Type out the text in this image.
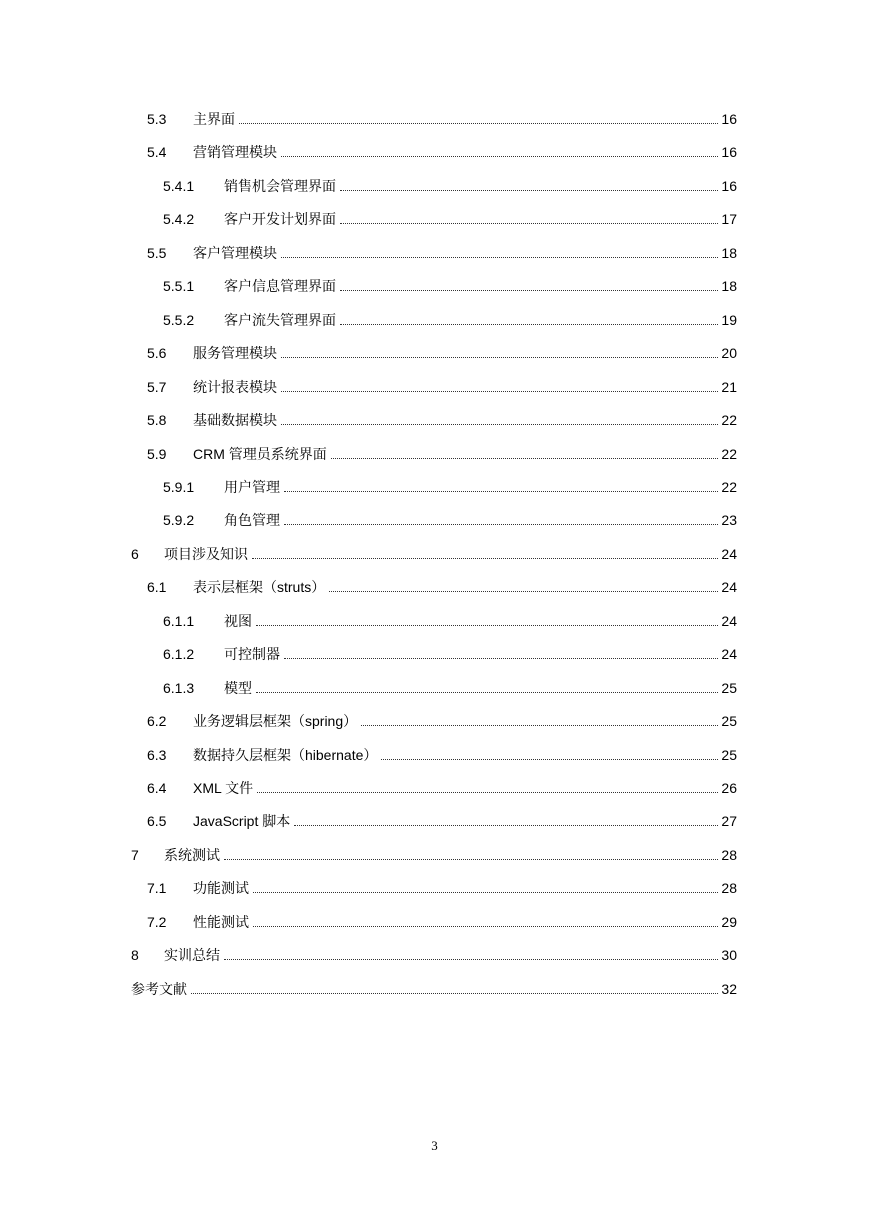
5.3 主界面	16
5.4 营销管理模块	16
5.4.1 销售机会管理界面	16
5.4.2 客户开发计划界面	17
5.5 客户管理模块	18
5.5.1 客户信息管理界面	18
5.5.2 客户流失管理界面	19
5.6 服务管理模块	20
5.7 统计报表模块	21
5.8 基础数据模块	22
5.9 CRM 管理员系统界面	22
5.9.1 用户管理	22
5.9.2 角色管理	23
6 项目涉及知识	24
6.1 表示层框架（struts）	24
6.1.1 视图	24
6.1.2 可控制器	24
6.1.3 模型	25
6.2 业务逻辑层框架（spring）	25
6.3 数据持久层框架（hibernate）	25
6.4 XML 文件	26
6.5 JavaScript 脚本	27
7 系统测试	28
7.1 功能测试	28
7.2 性能测试	29
8 实训总结	30
参考文献	32
3
